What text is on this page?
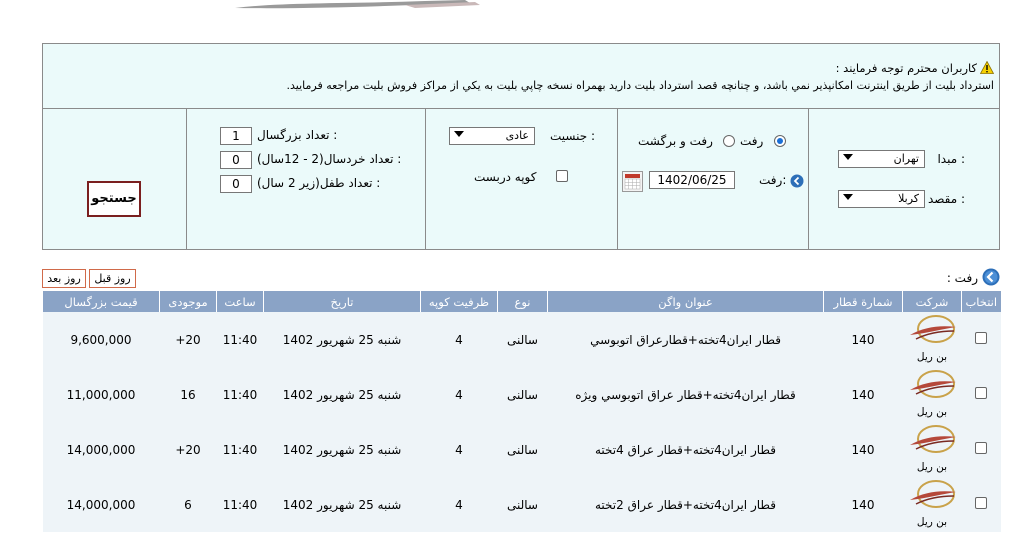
كاربران محترم توجه فرمایند :
استرداد بليت از طريق اينترنت امكانپذير نمي باشد، و چنانچه قصد استرداد بليت داريد بهمراه نسخه چاپي بليت به يكي از مراكز فروش بليت مراجعه فرمایید.
مبدا :
تهران
مقصد :
کربلا
رفت
رفت و برگشت
رفت:
1402/06/25
جنسيت :
عادی
كوپه دربست
1	تعداد بزرگسال :
0	تعداد خردسال(2 - 12سال) :
0	تعداد طفل(زير 2 سال) :
جستجو
رفت :
روز قبل
روز بعد
انتخاب	شركت	شمارة قطار	عنوان واگن	نوع	ظرفیت کوپه	تاريخ	ساعت	موجودی	قيمت بزرگسال

	بن ريل	140	قطار ايران4تخته+قطارعراق اتوبوسي	سالنی	4	شنبه 25 شهريور 1402	11:40	+20	9,600,000

	بن ريل	140	قطار ايران4تخته+قطار عراق اتوبوسي ويژه	سالنی	4	شنبه 25 شهريور 1402	11:40	16	11,000,000

	بن ريل	140	قطار ايران4تخته+قطار عراق 4تخته	سالنی	4	شنبه 25 شهريور 1402	11:40	+20	14,000,000

	بن ريل	140	قطار ايران4تخته+قطار عراق 2تخته	سالنی	4	شنبه 25 شهريور 1402	11:40	6	14,000,000
